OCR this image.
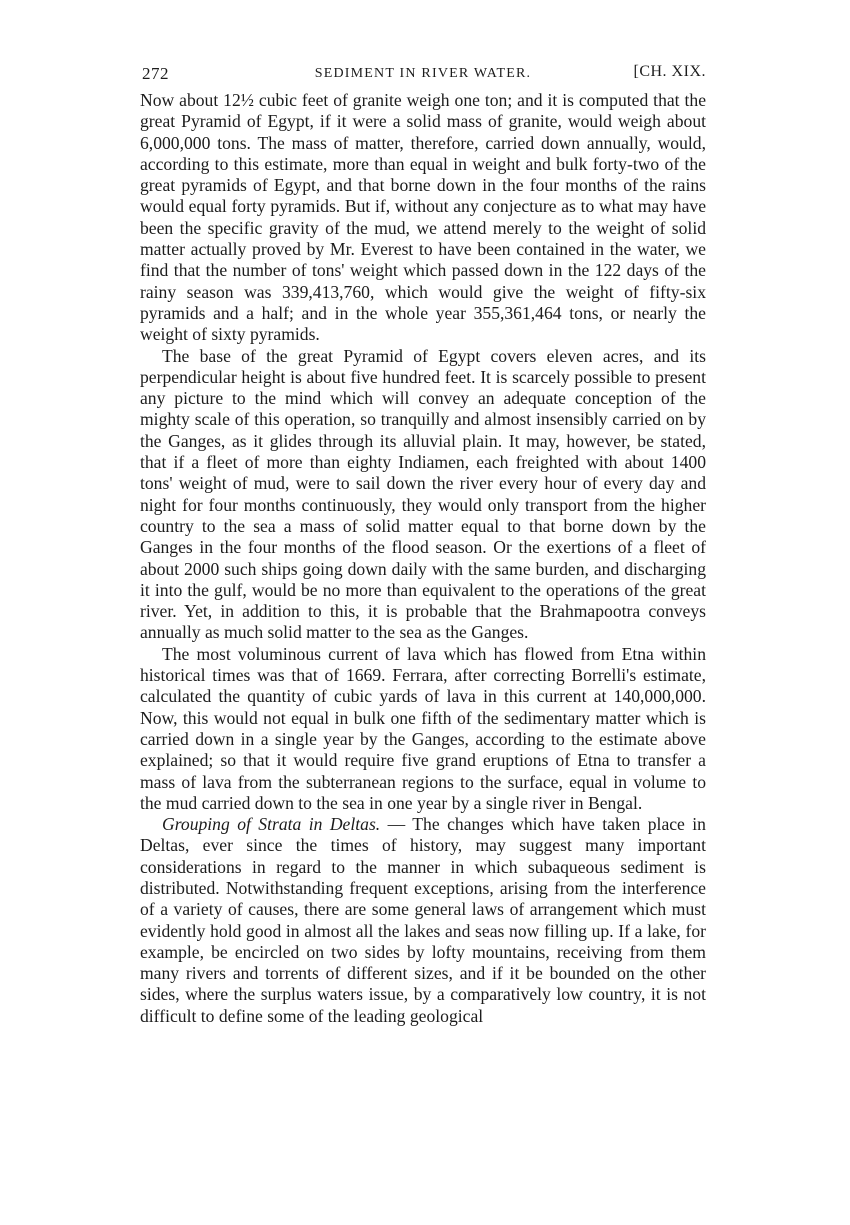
272	SEDIMENT IN RIVER WATER.	[CH. XIX.

Now about 12½ cubic feet of granite weigh one ton; and it is computed that the great Pyramid of Egypt, if it were a solid mass of granite, would weigh about 6,000,000 tons. The mass of matter, therefore, carried down annually, would, according to this estimate, more than equal in weight and bulk forty-two of the great pyramids of Egypt, and that borne down in the four months of the rains would equal forty pyramids. But if, without any conjecture as to what may have been the specific gravity of the mud, we attend merely to the weight of solid matter actually proved by Mr. Everest to have been contained in the water, we find that the number of tons' weight which passed down in the 122 days of the rainy season was 339,413,760, which would give the weight of fifty-six pyramids and a half; and in the whole year 355,361,464 tons, or nearly the weight of sixty pyramids.

The base of the great Pyramid of Egypt covers eleven acres, and its perpendicular height is about five hundred feet. It is scarcely possible to present any picture to the mind which will convey an adequate conception of the mighty scale of this operation, so tranquilly and almost insensibly carried on by the Ganges, as it glides through its alluvial plain. It may, however, be stated, that if a fleet of more than eighty Indiamen, each freighted with about 1400 tons' weight of mud, were to sail down the river every hour of every day and night for four months continuously, they would only transport from the higher country to the sea a mass of solid matter equal to that borne down by the Ganges in the four months of the flood season. Or the exertions of a fleet of about 2000 such ships going down daily with the same burden, and discharging it into the gulf, would be no more than equivalent to the operations of the great river. Yet, in addition to this, it is probable that the Brahmapootra conveys annually as much solid matter to the sea as the Ganges.

The most voluminous current of lava which has flowed from Etna within historical times was that of 1669. Ferrara, after correcting Borrelli's estimate, calculated the quantity of cubic yards of lava in this current at 140,000,000. Now, this would not equal in bulk one fifth of the sedimentary matter which is carried down in a single year by the Ganges, according to the estimate above explained; so that it would require five grand eruptions of Etna to transfer a mass of lava from the subterranean regions to the surface, equal in volume to the mud carried down to the sea in one year by a single river in Bengal.

Grouping of Strata in Deltas. — The changes which have taken place in Deltas, ever since the times of history, may suggest many important considerations in regard to the manner in which subaqueous sediment is distributed. Notwithstanding frequent exceptions, arising from the interference of a variety of causes, there are some general laws of arrangement which must evidently hold good in almost all the lakes and seas now filling up. If a lake, for example, be encircled on two sides by lofty mountains, receiving from them many rivers and torrents of different sizes, and if it be bounded on the other sides, where the surplus waters issue, by a comparatively low country, it is not difficult to define some of the leading geological
